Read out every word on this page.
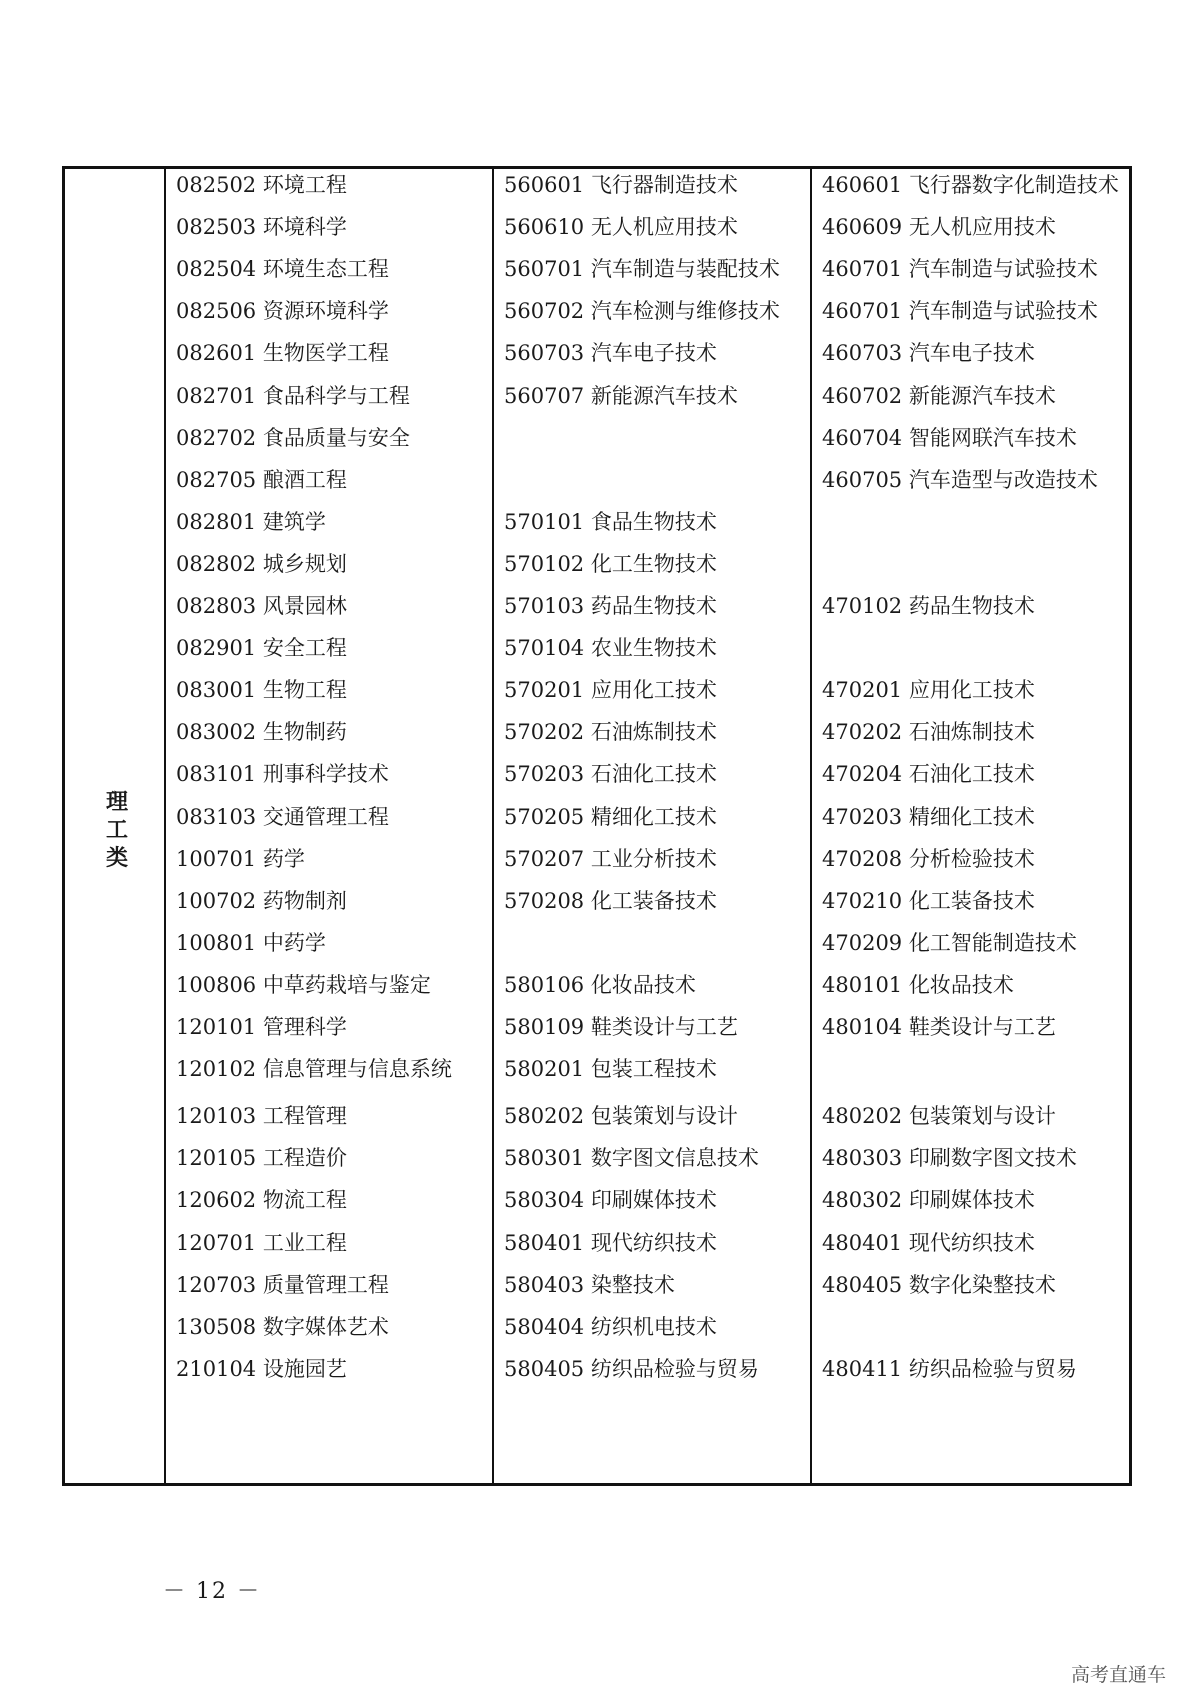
理
工
类
082502 环境工程
082503 环境科学
082504 环境生态工程
082506 资源环境科学
082601 生物医学工程
082701 食品科学与工程
082702 食品质量与安全
082705 酿酒工程
082801 建筑学
082802 城乡规划
082803 风景园林
082901 安全工程
083001 生物工程
083002 生物制药
083101 刑事科学技术
083103 交通管理工程
100701 药学
100702 药物制剂
100801 中药学
100806 中草药栽培与鉴定
120101 管理科学
120102 信息管理与信息系统
120103 工程管理
120105 工程造价
120602 物流工程
120701 工业工程
120703 质量管理工程
130508 数字媒体艺术
210104 设施园艺
560601 飞行器制造技术
560610 无人机应用技术
560701 汽车制造与装配技术
560702 汽车检测与维修技术
560703 汽车电子技术
560707 新能源汽车技术
570101 食品生物技术
570102 化工生物技术
570103 药品生物技术
570104 农业生物技术
570201 应用化工技术
570202 石油炼制技术
570203 石油化工技术
570205 精细化工技术
570207 工业分析技术
570208 化工装备技术
580106 化妆品技术
580109 鞋类设计与工艺
580201 包装工程技术
580202 包装策划与设计
580301 数字图文信息技术
580304 印刷媒体技术
580401 现代纺织技术
580403 染整技术
580404 纺织机电技术
580405 纺织品检验与贸易
460601 飞行器数字化制造技术
460609 无人机应用技术
460701 汽车制造与试验技术
460701 汽车制造与试验技术
460703 汽车电子技术
460702 新能源汽车技术
460704 智能网联汽车技术
460705 汽车造型与改造技术
470102 药品生物技术
470201 应用化工技术
470202 石油炼制技术
470204 石油化工技术
470203 精细化工技术
470208 分析检验技术
470210 化工装备技术
470209 化工智能制造技术
480101 化妆品技术
480104 鞋类设计与工艺
480202 包装策划与设计
480303 印刷数字图文技术
480302 印刷媒体技术
480401 现代纺织技术
480405 数字化染整技术
480411 纺织品检验与贸易
－ 12 －
高考直通车
